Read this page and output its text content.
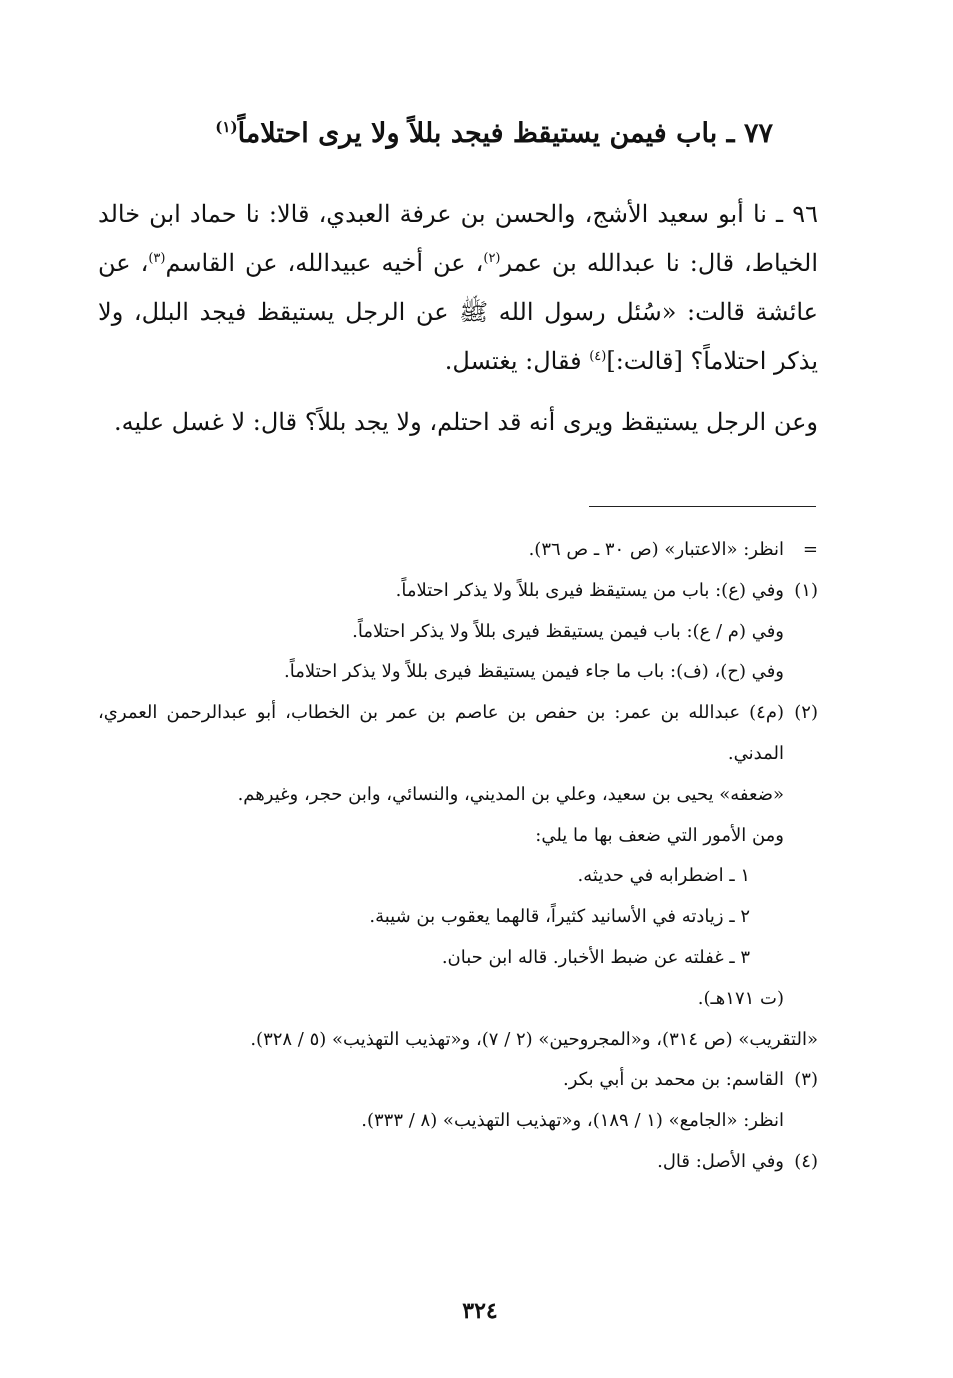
٧٧ ـ باب فيمن يستيقظ فيجد بللاً ولا يرى احتلاماً$^{(١)}$

٩٦ ـ نا أبو سعيد الأشج، والحسن بن عرفة العبدي، قالا: نا حماد ابن خالد الخياط، قال: نا عبدالله بن عمر$^{(٢)}$، عن أخيه عبيدالله، عن القاسم$^{(٣)}$، عن عائشة قالت: «سُئل رسول الله ﷺ عن الرجل يستيقظ فيجد البلل، ولا يذكر احتلاماً؟ [قالت:]$^{(٤)}$ فقال: يغتسل.

وعن الرجل يستيقظ ويرى أنه قد احتلم، ولا يجد بللاً؟ قال: لا غسل عليه.

=
انظر: «الاعتبار» (ص ٣٠ ـ ص ٣٦).
(١)
وفي (ع): باب من يستيقظ فيرى بللاً ولا يذكر احتلاماً.
وفي (م / ع): باب فيمن يستيقظ فيرى بللاً ولا يذكر احتلاماً.
وفي (ح)، (ف): باب ما جاء فيمن يستيقظ فيرى بللاً ولا يذكر احتلاماً.
(٢)
(م٤) عبدالله بن عمر: بن حفص بن عاصم بن عمر بن الخطاب، أبو عبدالرحمن العمري، المدني.
«ضعفه» يحيى بن سعيد، وعلي بن المديني، والنسائي، وابن حجر، وغيرهم.
ومن الأمور التي ضعف بها ما يلي:
١ ـ اضطرابه في حديثه.
٢ ـ زيادته في الأسانيد كثيراً، قالهما يعقوب بن شيبة.
٣ ـ غفلته عن ضبط الأخبار. قاله ابن حبان.
(ت ١٧١هـ).
«التقريب» (ص ٣١٤)، و«المجروحين» (٢ / ٧)، و«تهذيب التهذيب» (٥ / ٣٢٨).
(٣)
القاسم: بن محمد بن أبي بكر.
انظر: «الجامع» (١ / ١٨٩)، و«تهذيب التهذيب» (٨ / ٣٣٣).
(٤)
وفي الأصل: قال.
٣٢٤
